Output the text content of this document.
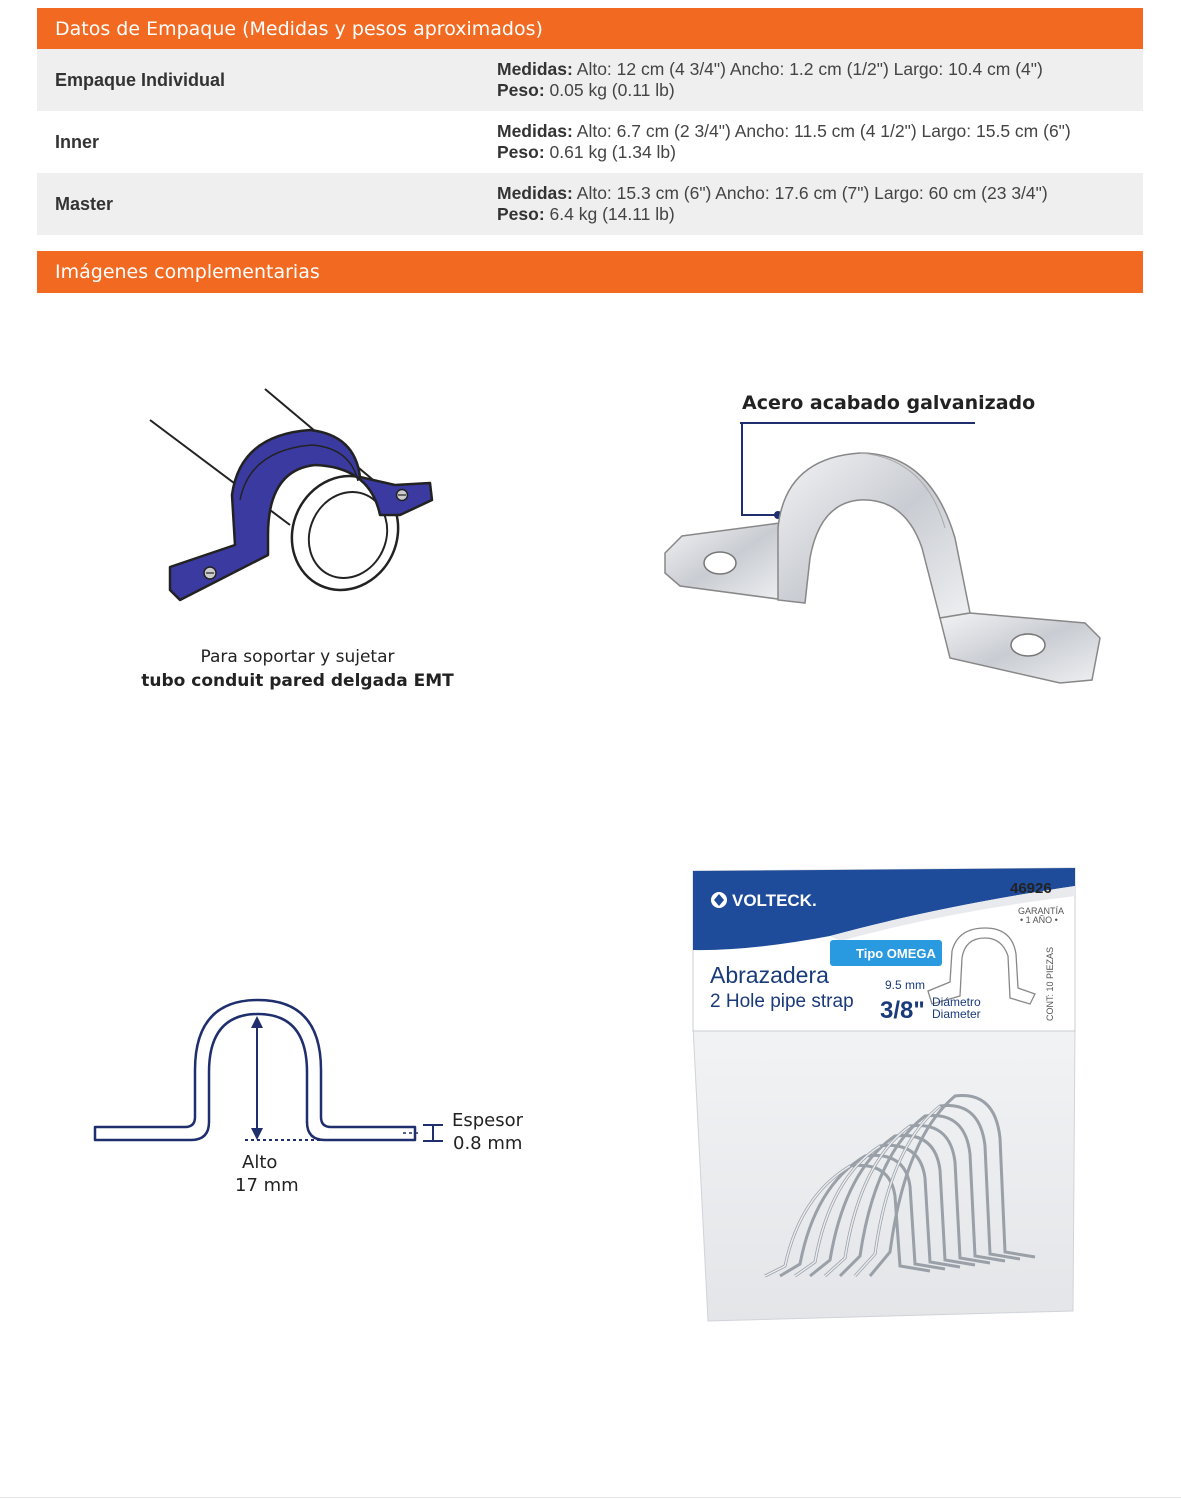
Datos de Empaque (Medidas y pesos aproximados)
Empaque Individual
Medidas: Alto: 12 cm (4 3/4") Ancho: 1.2 cm (1/2") Largo: 10.4 cm (4")
Peso: 0.05 kg (0.11 lb)
Inner
Medidas: Alto: 6.7 cm (2 3/4") Ancho: 11.5 cm (4 1/2") Largo: 15.5 cm (6")
Peso: 0.61 kg (1.34 lb)
Master
Medidas: Alto: 15.3 cm (6") Ancho: 17.6 cm (7") Largo: 60 cm (23 3/4")
Peso: 6.4 kg (14.11 lb)
Imágenes complementarias
Para soportar y sujetar
tubo conduit pared delgada EMT
Acero acabado galvanizado
Espesor
0.8 mm
Alto
17 mm
VOLTECK.
46926
GARANTÍA
• 1 AÑO •
Tipo OMEGA
Abrazadera
2 Hole pipe strap
9.5 mm
3/8" Diámetro
Diameter	CONT: 10 PIEZAS
